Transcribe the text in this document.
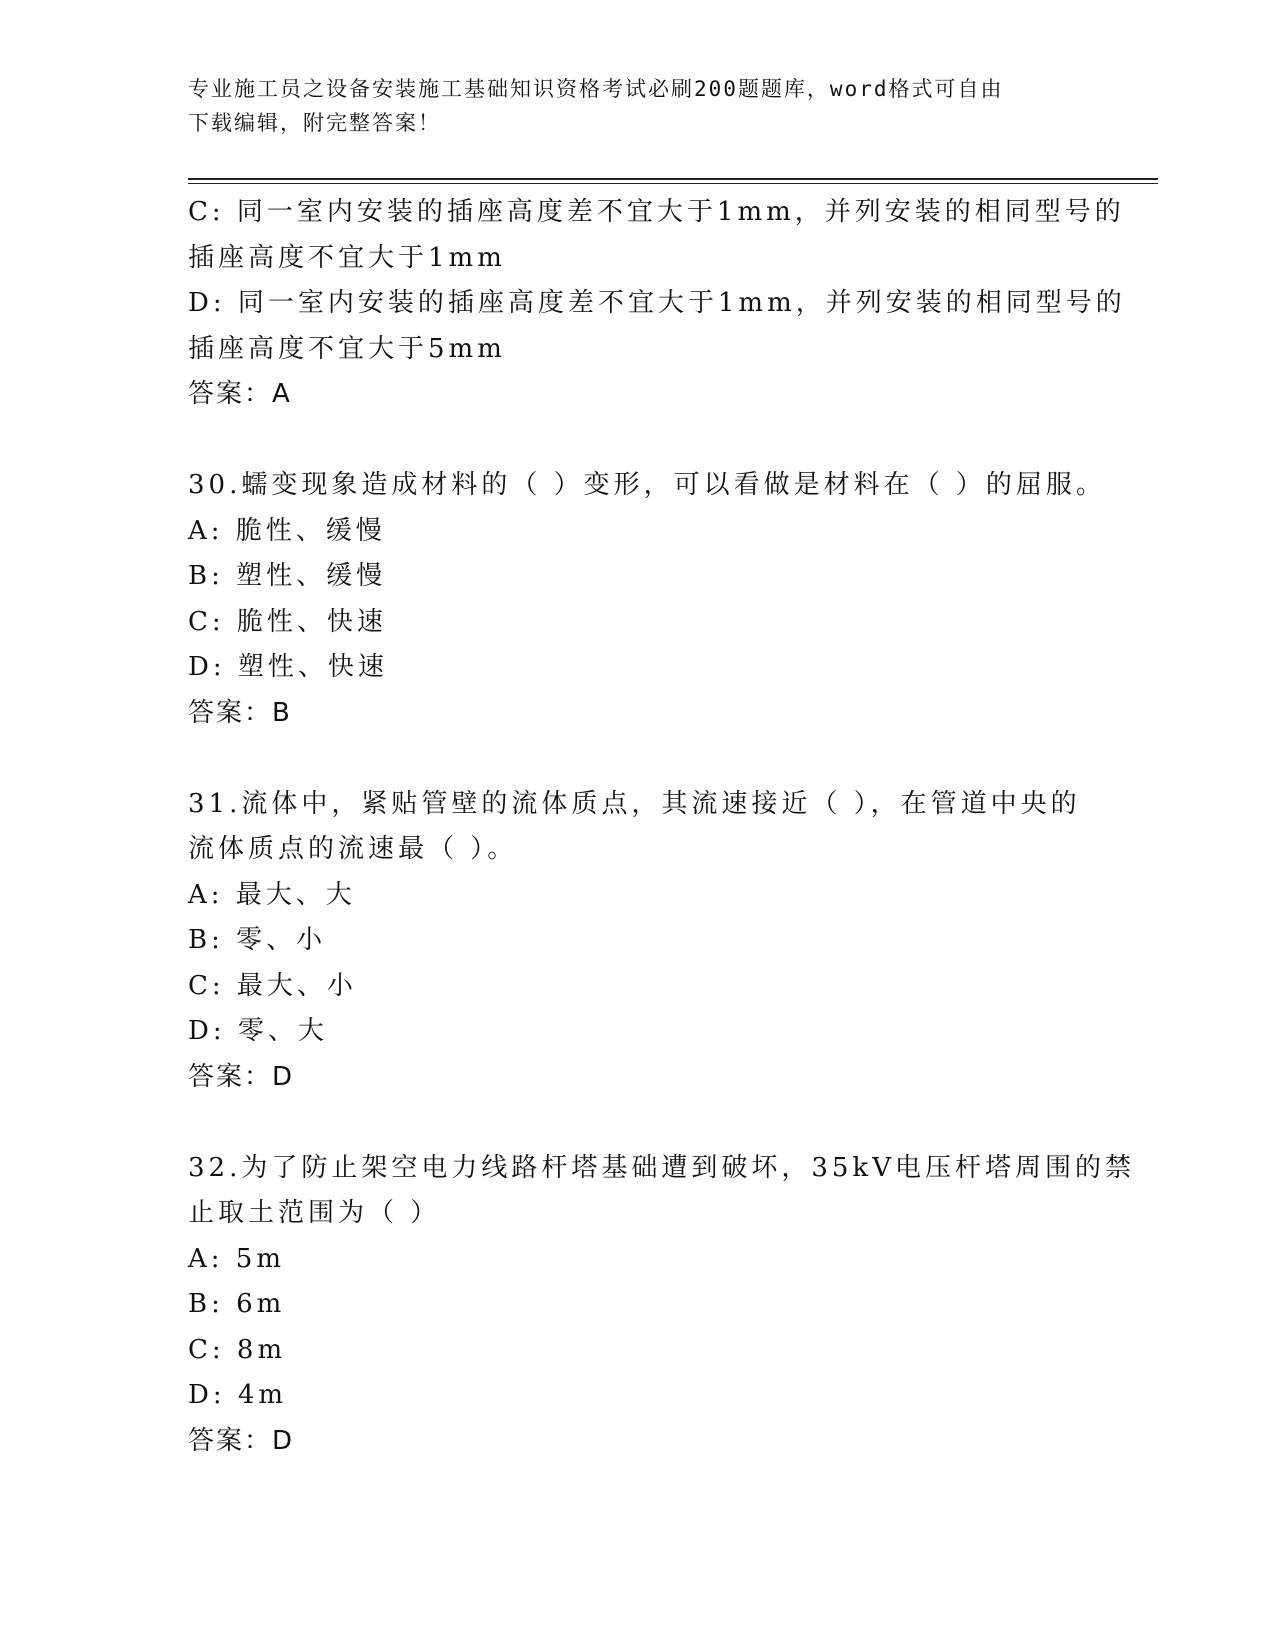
专业施工员之设备安装施工基础知识资格考试必刷200题题库，word格式可自由
下载编辑，附完整答案！
C: 同一室内安装的插座高度差不宜大于1mm，并列安装的相同型号的
插座高度不宜大于1mm
D: 同一室内安装的插座高度差不宜大于1mm，并列安装的相同型号的
插座高度不宜大于5mm
答案：A
30.蠕变现象造成材料的（ ）变形，可以看做是材料在（ ）的屈服。
A: 脆性、缓慢
B: 塑性、缓慢
C: 脆性、快速
D: 塑性、快速
答案：B
31.流体中，紧贴管壁的流体质点，其流速接近（ ），在管道中央的
流体质点的流速最（ ）。
A: 最大、大
B: 零、小
C: 最大、小
D: 零、大
答案：D
32.为了防止架空电力线路杆塔基础遭到破坏，35kV电压杆塔周围的禁
止取土范围为（ ）
A: 5m
B: 6m
C: 8m
D: 4m
答案：D
